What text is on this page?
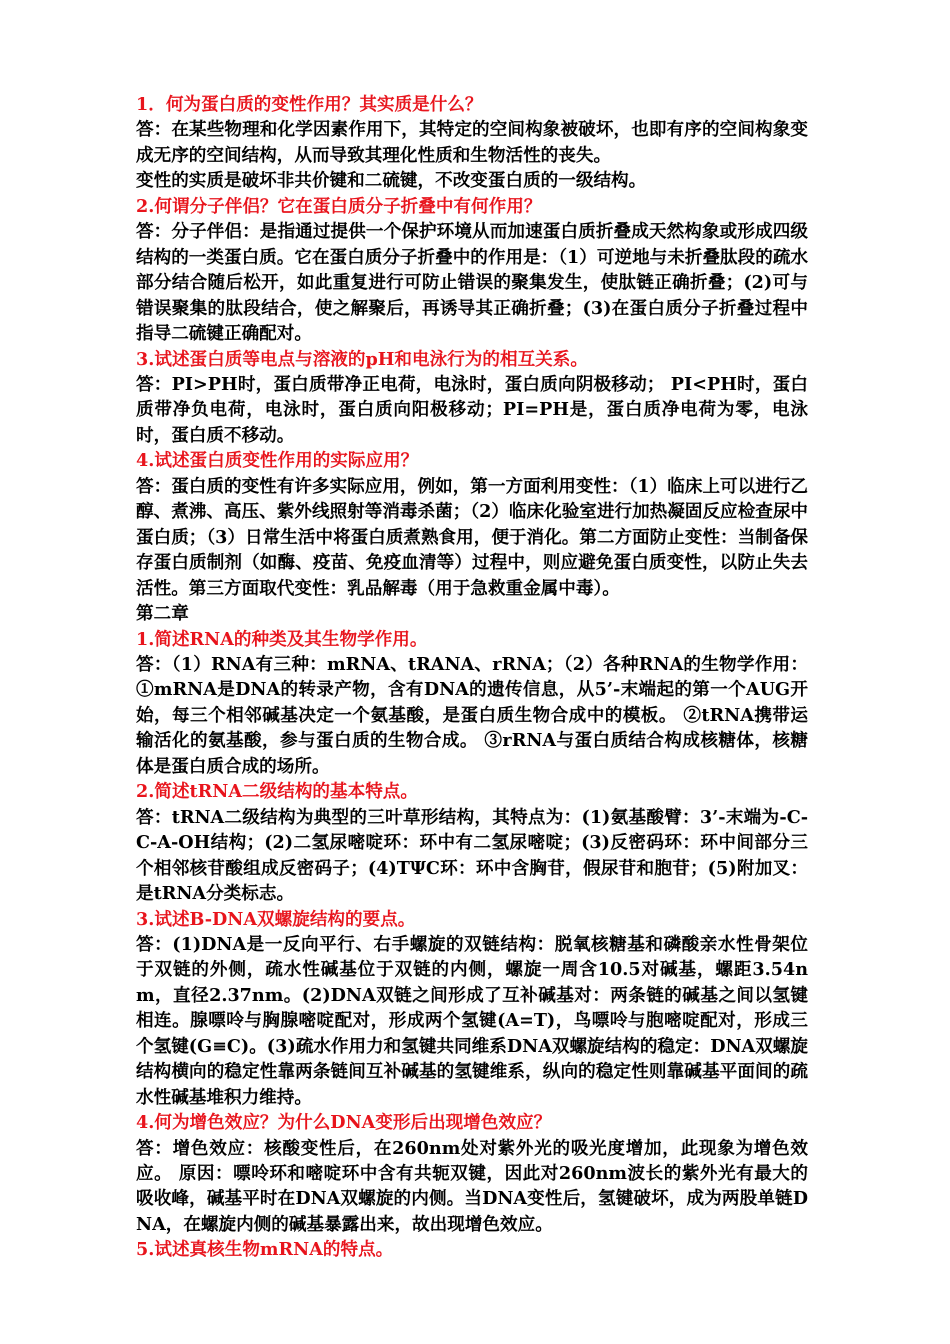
1．何为蛋白质的变性作用？其实质是什么？
答：在某些物理和化学因素作用下，其特定的空间构象被破坏，也即有序的空间构象变成无序的空间结构，从而导致其理化性质和生物活性的丧失。
变性的实质是破坏非共价键和二硫键，不改变蛋白质的一级结构。
2.何谓分子伴侣？它在蛋白质分子折叠中有何作用？
答：分子伴侣：是指通过提供一个保护环境从而加速蛋白质折叠成天然构象或形成四级结构的一类蛋白质。它在蛋白质分子折叠中的作用是：（1）可逆地与未折叠肽段的疏水部分结合随后松开，如此重复进行可防止错误的聚集发生，使肽链正确折叠；(2)可与错误聚集的肽段结合，使之解聚后，再诱导其正确折叠；(3)在蛋白质分子折叠过程中指导二硫键正确配对。
3.试述蛋白质等电点与溶液的pH和电泳行为的相互关系。
答：PI>PH时，蛋白质带净正电荷，电泳时，蛋白质向阴极移动； PI<PH时，蛋白质带净负电荷，电泳时，蛋白质向阳极移动；PI=PH是，蛋白质净电荷为零，电泳时，蛋白质不移动。
4.试述蛋白质变性作用的实际应用？
答：蛋白质的变性有许多实际应用，例如，第一方面利用变性：（1）临床上可以进行乙醇、煮沸、高压、紫外线照射等消毒杀菌；（2）临床化验室进行加热凝固反应检查尿中蛋白质；（3）日常生活中将蛋白质煮熟食用，便于消化。第二方面防止变性：当制备保存蛋白质制剂（如酶、疫苗、免疫血清等）过程中，则应避免蛋白质变性，以防止失去活性。第三方面取代变性：乳品解毒（用于急救重金属中毒）。
第二章
1.简述RNA的种类及其生物学作用。
答：（1）RNA有三种：mRNA、tRANA、rRNA；（2）各种RNA的生物学作用：①mRNA是DNA的转录产物，含有DNA的遗传信息，从5’-末端起的第一个AUG开始，每三个相邻碱基决定一个氨基酸，是蛋白质生物合成中的模板。 ②tRNA携带运输活化的氨基酸，参与蛋白质的生物合成。 ③rRNA与蛋白质结合构成核糖体，核糖体是蛋白质合成的场所。
2.简述tRNA二级结构的基本特点。
答：tRNA二级结构为典型的三叶草形结构，其特点为：(1)氨基酸臂：3’-末端为-C-C-A-OH结构；(2)二氢尿嘧啶环：环中有二氢尿嘧啶；(3)反密码环：环中间部分三个相邻核苷酸组成反密码子；(4)TΨC环：环中含胸苷，假尿苷和胞苷；(5)附加叉：是tRNA分类标志。
3.试述B-DNA双螺旋结构的要点。
答：(1)DNA是一反向平行、右手螺旋的双链结构：脱氧核糖基和磷酸亲水性骨架位于双链的外侧，疏水性碱基位于双链的内侧，螺旋一周含10.5对碱基，螺距3.54nm，直径2.37nm。(2)DNA双链之间形成了互补碱基对：两条链的碱基之间以氢键相连。腺嘌呤与胸腺嘧啶配对，形成两个氢键(A=T)，鸟嘌呤与胞嘧啶配对，形成三个氢键(G≡C)。(3)疏水作用力和氢键共同维系DNA双螺旋结构的稳定：DNA双螺旋结构横向的稳定性靠两条链间互补碱基的氢键维系，纵向的稳定性则靠碱基平面间的疏水性碱基堆积力维持。
4.何为增色效应？为什么DNA变形后出现增色效应？
答：增色效应：核酸变性后，在260nm处对紫外光的吸光度增加，此现象为增色效应。 原因：嘌呤环和嘧啶环中含有共轭双键，因此对260nm波长的紫外光有最大的吸收峰，碱基平时在DNA双螺旋的内侧。当DNA变性后，氢键破坏，成为两股单链DNA，在螺旋内侧的碱基暴露出来，故出现增色效应。
5.试述真核生物mRNA的特点。
